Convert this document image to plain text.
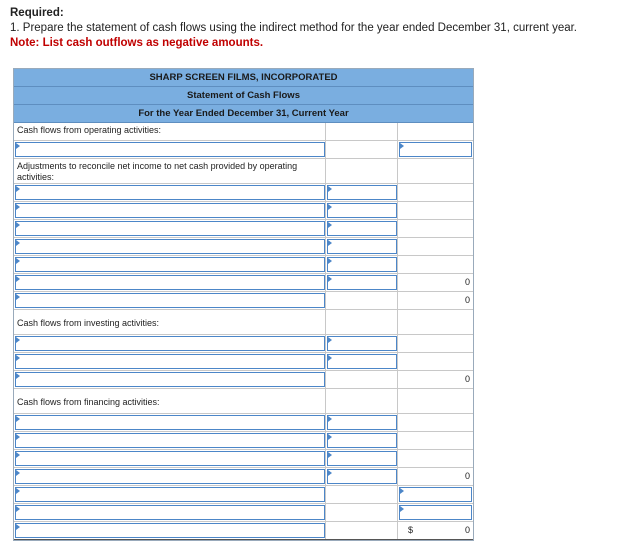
Required:
1. Prepare the statement of cash flows using the indirect method for the year ended December 31, current year.
Note: List cash outflows as negative amounts.
SHARP SCREEN FILMS, INCORPORATED
Statement of Cash Flows
For the Year Ended December 31, Current Year
Cash flows from operating activities:
Adjustments to reconcile net income to net cash provided by operating activities:
0
0
Cash flows from investing activities:
0
Cash flows from financing activities:
0
$	0
